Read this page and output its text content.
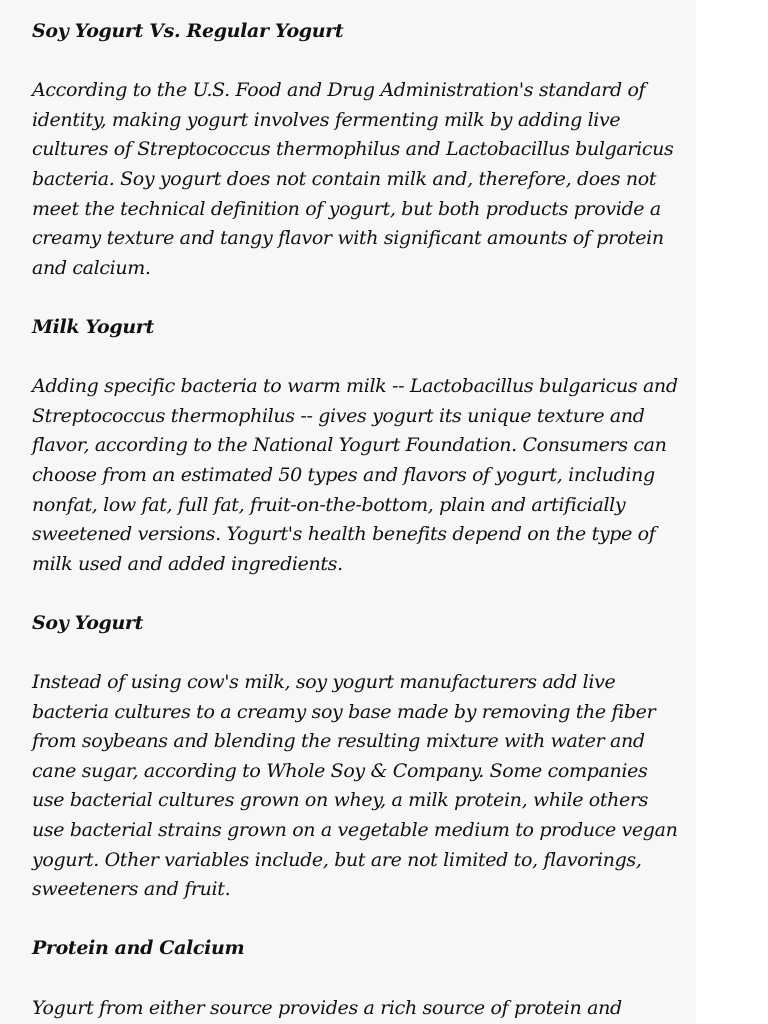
Soy Yogurt Vs. Regular Yogurt

According to the U.S. Food and Drug Administration's standard of identity, making yogurt involves fermenting milk by adding live cultures of Streptococcus thermophilus and Lactobacillus bulgaricus bacteria. Soy yogurt does not contain milk and, therefore, does not meet the technical definition of yogurt, but both products provide a creamy texture and tangy flavor with significant amounts of protein and calcium.

Milk Yogurt

Adding specific bacteria to warm milk -- Lactobacillus bulgaricus and Streptococcus thermophilus -- gives yogurt its unique texture and flavor, according to the National Yogurt Foundation. Consumers can choose from an estimated 50 types and flavors of yogurt, including nonfat, low fat, full fat, fruit-on-the-bottom, plain and artificially sweetened versions. Yogurt's health benefits depend on the type of milk used and added ingredients.

Soy Yogurt

Instead of using cow's milk, soy yogurt manufacturers add live bacteria cultures to a creamy soy base made by removing the fiber from soybeans and blending the resulting mixture with water and cane sugar, according to Whole Soy & Company. Some companies use bacterial cultures grown on whey, a milk protein, while others use bacterial strains grown on a vegetable medium to produce vegan yogurt. Other variables include, but are not limited to, flavorings, sweeteners and fruit.

Protein and Calcium

Yogurt from either source provides a rich source of protein and
